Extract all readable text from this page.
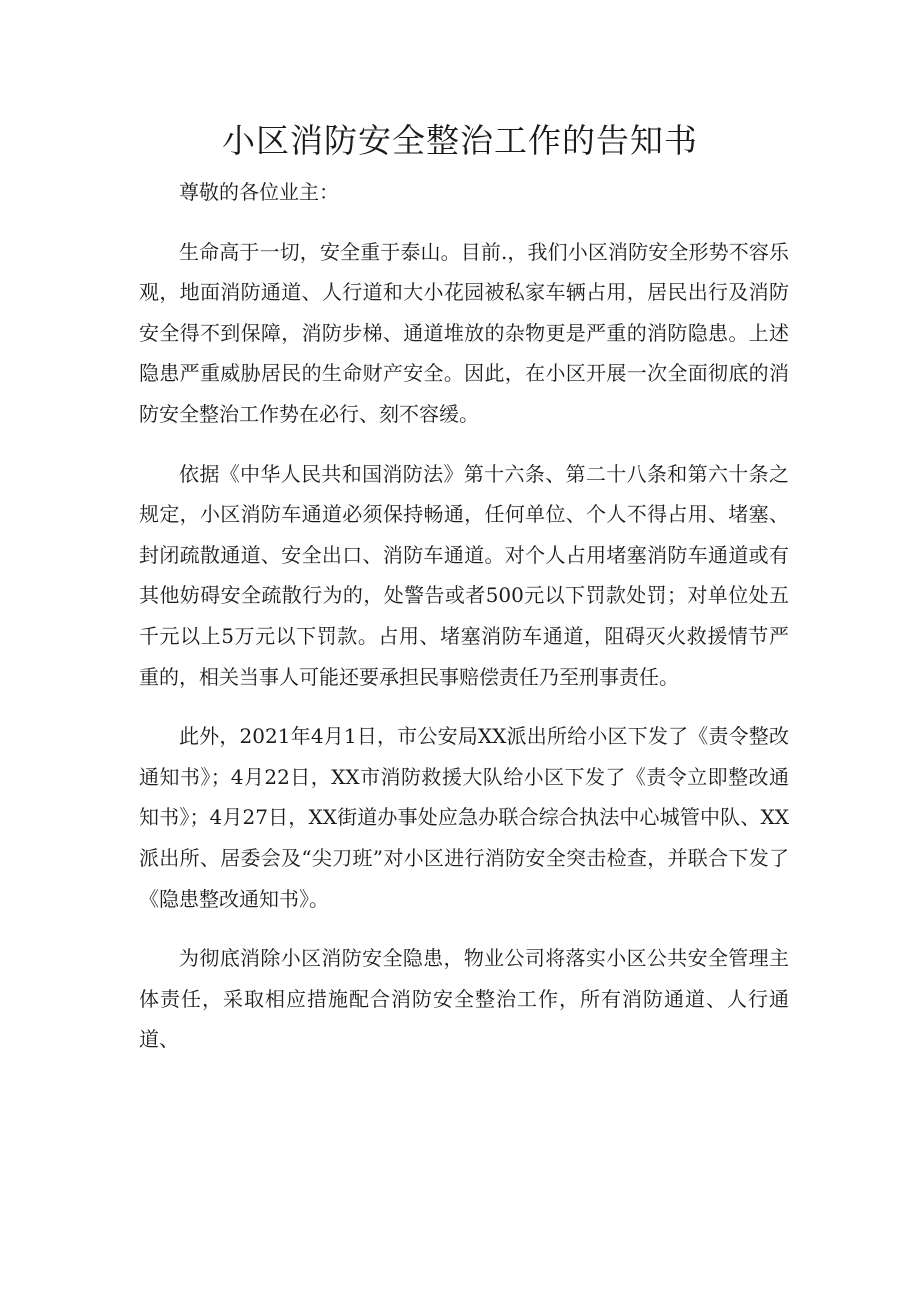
小区消防安全整治工作的告知书

尊敬的各位业主：

生命高于一切，安全重于泰山。目前.，我们小区消防安全形势不容乐观，地面消防通道、人行道和大小花园被私家车辆占用，居民出行及消防安全得不到保障，消防步梯、通道堆放的杂物更是严重的消防隐患。上述隐患严重威胁居民的生命财产安全。因此，在小区开展一次全面彻底的消防安全整治工作势在必行、刻不容缓。

依据《中华人民共和国消防法》第十六条、第二十八条和第六十条之规定，小区消防车通道必须保持畅通，任何单位、个人不得占用、堵塞、封闭疏散通道、安全出口、消防车通道。对个人占用堵塞消防车通道或有其他妨碍安全疏散行为的，处警告或者500元以下罚款处罚；对单位处五千元以上5万元以下罚款。占用、堵塞消防车通道，阻碍灭火救援情节严重的，相关当事人可能还要承担民事赔偿责任乃至刑事责任。

此外，2021年4月1日，市公安局XX派出所给小区下发了《责令整改通知书》；4月22日，XX市消防救援大队给小区下发了《责令立即整改通知书》；4月27日，XX街道办事处应急办联合综合执法中心城管中队、XX派出所、居委会及“尖刀班”对小区进行消防安全突击检查，并联合下发了《隐患整改通知书》。

为彻底消除小区消防安全隐患，物业公司将落实小区公共安全管理主体责任，采取相应措施配合消防安全整治工作，所有消防通道、人行通道、
